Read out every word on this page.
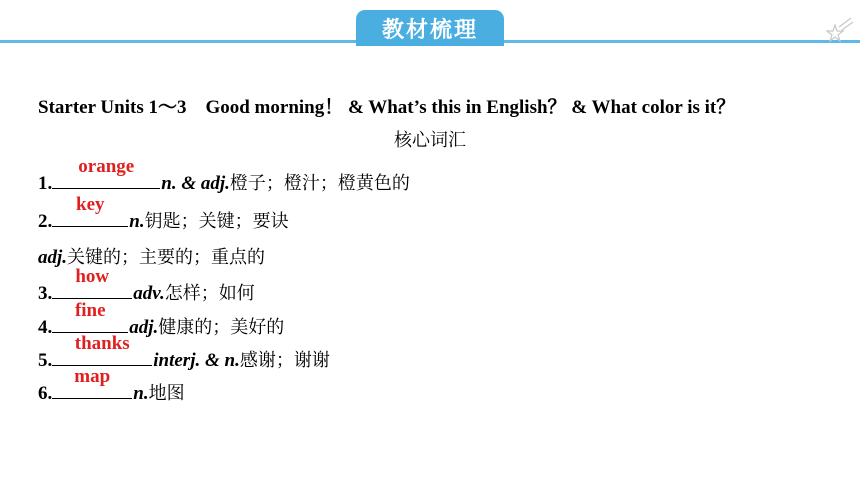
教材梳理
Starter Units 1～3　Good morning！ & What’s this in English？ & What color is it？
核心词汇
1.
orange
n. & adj. 橙子；橙汁；橙黄色的
2.
key
n. 钥匙；关键；要诀
adj. 关键的；主要的；重点的
3.
how
adv. 怎样；如何
4.
fine
adj. 健康的；美好的
5.
thanks
interj. & n. 感谢；谢谢
6.
map
n. 地图
